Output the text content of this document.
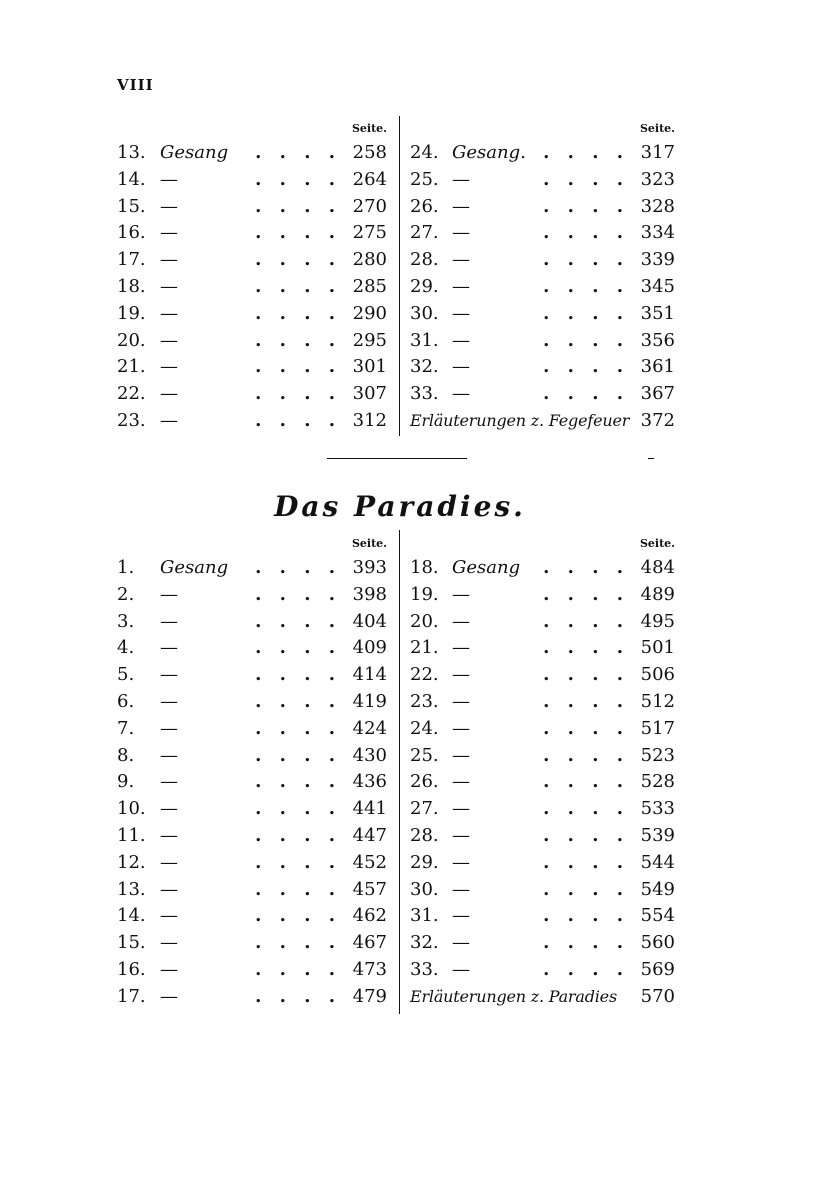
VIII
Seite.
13. Gesang	. . . . 258
14. —	. . . . 264
15. —	. . . . 270
16. —	. . . . 275
17. —	. . . . 280
18. —	. . . . 285
19. —	. . . . 290
20. —	. . . . 295
21. —	. . . . 301
22. —	. . . . 307
23. —	. . . . 312
Seite.
24. Gesang. . . . . 317
25. —	. . . . 323
26. —	. . . . 328
27. —	. . . . 334
28. —	. . . . 339
29. —	. . . . 345
30. —	. . . . 351
31. —	. . . . 356
32. —	. . . . 361
33. —	. . . . 367
Erläuterungen z. Fegefeuer 372
Das Paradies.
Seite.
1.	Gesang	. . . . 393
2.	—	. . . . 398
3.	—	. . . . 404
4.	—	. . . . 409
5.	—	. . . . 414
6.	—	. . . . 419
7.	—	. . . . 424
8.	—	. . . . 430
9.	—	. . . . 436
10. —	. . . . 441
11. —	. . . . 447
12. —	. . . . 452
13. —	. . . . 457
14. —	. . . . 462
15. —	. . . . 467
16. —	. . . . 473
17. —	. . . . 479
Seite.
18. Gesang	. . . . 484
19. —	. . . . 489
20. —	. . . . 495
21. —	. . . . 501
22. —	. . . . 506
23. —	. . . . 512
24. —	. . . . 517
25. —	. . . . 523
26. —	. . . . 528
27. —	. . . . 533
28. —	. . . . 539
29. —	. . . . 544
30. —	. . . . 549
31. —	. . . . 554
32. —	. . . . 560
33. —	. . . . 569
Erläuterungen z. Paradies	570
